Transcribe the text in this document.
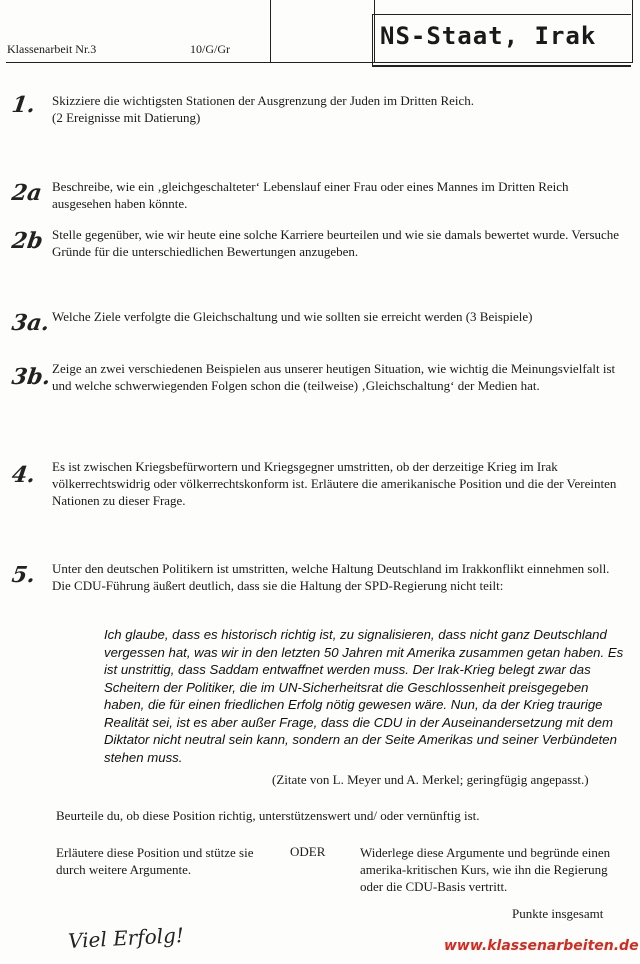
Klassenarbeit Nr.3	10/G/Gr	NS-Staat, Irak
1. Skizziere die wichtigsten Stationen der Ausgrenzung der Juden im Dritten Reich.
(2 Ereignisse mit Datierung)
2a Beschreibe, wie ein ‚gleichgeschalteter‘ Lebenslauf einer Frau oder eines Mannes im Dritten Reich ausgesehen haben könnte.
2b Stelle gegenüber, wie wir heute eine solche Karriere beurteilen und wie sie damals bewertet wurde. Versuche Gründe für die unterschiedlichen Bewertungen anzugeben.
3a. Welche Ziele verfolgte die Gleichschaltung und wie sollten sie erreicht werden (3 Beispiele)
3b. Zeige an zwei verschiedenen Beispielen aus unserer heutigen Situation, wie wichtig die Meinungsvielfalt ist und welche schwerwiegenden Folgen schon die (teilweise) ‚Gleichschaltung‘ der Medien hat.
4. Es ist zwischen Kriegsbefürwortern und Kriegsgegner umstritten, ob der derzeitige Krieg im Irak völkerrechtswidrig oder völkerrechtskonform ist. Erläutere die amerikanische Position und die der Vereinten Nationen zu dieser Frage.
5. Unter den deutschen Politikern ist umstritten, welche Haltung Deutschland im Irakkonflikt einnehmen soll. Die CDU-Führung äußert deutlich, dass sie die Haltung der SPD-Regierung nicht teilt:
Ich glaube, dass es historisch richtig ist, zu signalisieren, dass nicht ganz Deutschland vergessen hat, was wir in den letzten 50 Jahren mit Amerika zusammen getan haben. Es ist unstrittig, dass Saddam entwaffnet werden muss. Der Irak-Krieg belegt zwar das Scheitern der Politiker, die im UN-Sicherheitsrat die Geschlossenheit preisgegeben haben, die für einen friedlichen Erfolg nötig gewesen wäre. Nun, da der Krieg traurige Realität sei, ist es aber außer Frage, dass die CDU in der Auseinandersetzung mit dem Diktator nicht neutral sein kann, sondern an der Seite Amerikas und seiner Verbündeten stehen muss.
(Zitate von L. Meyer und A. Merkel; geringfügig angepasst.)
Beurteile du, ob diese Position richtig, unterstützenswert und/ oder vernünftig ist.
Erläutere diese Position und stütze sie durch weitere Argumente.
ODER	Widerlege diese Argumente und begründe einen amerika-kritischen Kurs, wie ihn die Regierung oder die CDU-Basis vertritt.
Punkte insgesamt
Viel Erfolg!	www.klassenarbeiten.de
